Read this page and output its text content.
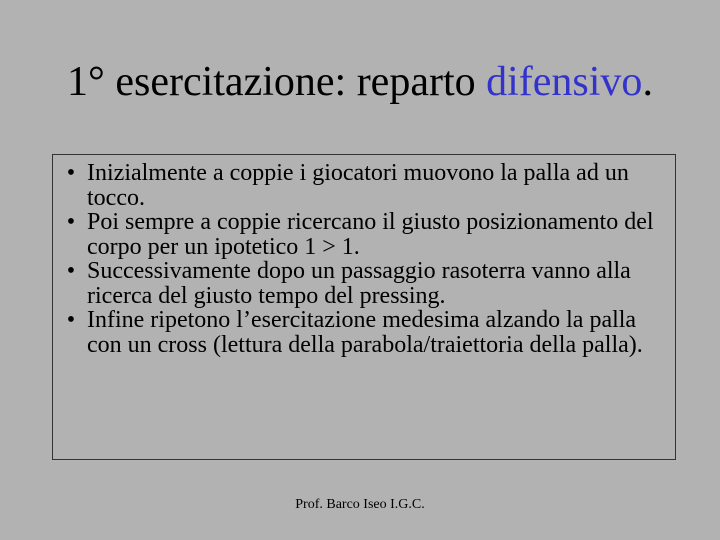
1° esercitazione: reparto difensivo.
• Inizialmente a coppie i giocatori muovono la palla ad un tocco.
• Poi sempre a coppie ricercano il giusto posizionamento del corpo per un ipotetico 1 > 1.
• Successivamente dopo un passaggio rasoterra vanno alla ricerca del giusto tempo del pressing.
• Infine ripetono l’esercitazione medesima alzando la palla con un cross (lettura della parabola/traiettoria della palla).
Prof. Barco Iseo I.G.C.
